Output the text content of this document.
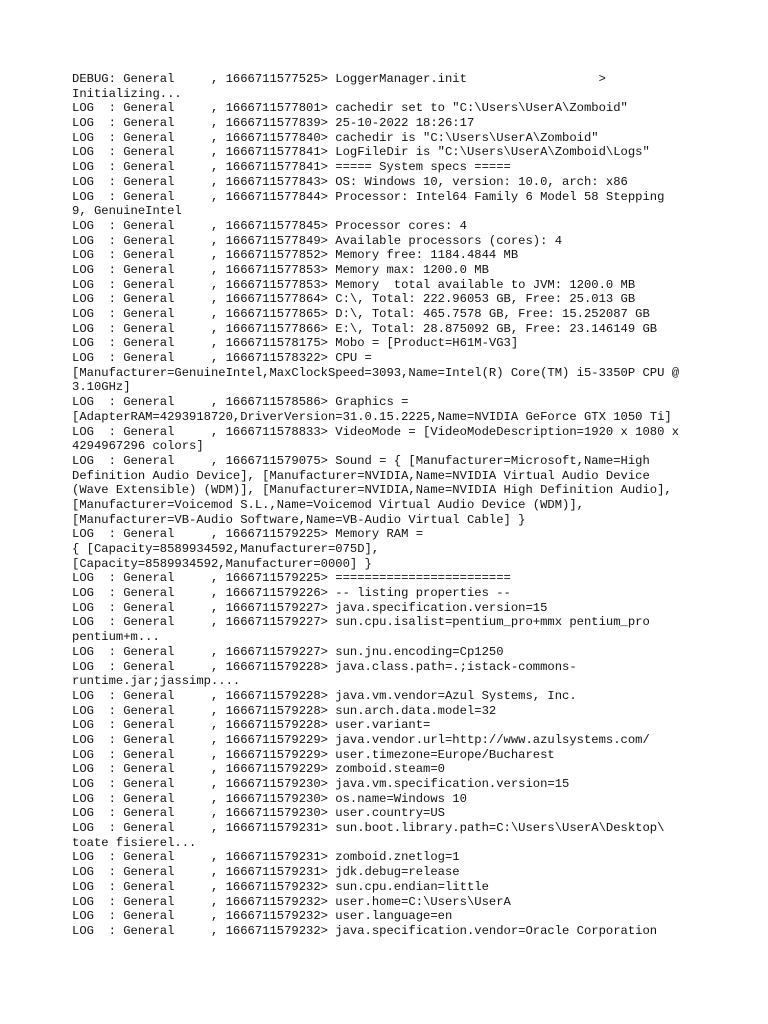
DEBUG: General     , 1666711577525> LoggerManager.init                  >
Initializing...
LOG  : General     , 1666711577801> cachedir set to "C:\Users\UserA\Zomboid"
LOG  : General     , 1666711577839> 25-10-2022 18:26:17
LOG  : General     , 1666711577840> cachedir is "C:\Users\UserA\Zomboid"
LOG  : General     , 1666711577841> LogFileDir is "C:\Users\UserA\Zomboid\Logs"
LOG  : General     , 1666711577841> ===== System specs =====
LOG  : General     , 1666711577843> OS: Windows 10, version: 10.0, arch: x86
LOG  : General     , 1666711577844> Processor: Intel64 Family 6 Model 58 Stepping
9, GenuineIntel
LOG  : General     , 1666711577845> Processor cores: 4
LOG  : General     , 1666711577849> Available processors (cores): 4
LOG  : General     , 1666711577852> Memory free: 1184.4844 MB
LOG  : General     , 1666711577853> Memory max: 1200.0 MB
LOG  : General     , 1666711577853> Memory  total available to JVM: 1200.0 MB
LOG  : General     , 1666711577864> C:\, Total: 222.96053 GB, Free: 25.013 GB
LOG  : General     , 1666711577865> D:\, Total: 465.7578 GB, Free: 15.252087 GB
LOG  : General     , 1666711577866> E:\, Total: 28.875092 GB, Free: 23.146149 GB
LOG  : General     , 1666711578175> Mobo = [Product=H61M-VG3]
LOG  : General     , 1666711578322> CPU =
[Manufacturer=GenuineIntel,MaxClockSpeed=3093,Name=Intel(R) Core(TM) i5-3350P CPU @
3.10GHz]
LOG  : General     , 1666711578586> Graphics =
[AdapterRAM=4293918720,DriverVersion=31.0.15.2225,Name=NVIDIA GeForce GTX 1050 Ti]
LOG  : General     , 1666711578833> VideoMode = [VideoModeDescription=1920 x 1080 x
4294967296 colors]
LOG  : General     , 1666711579075> Sound = { [Manufacturer=Microsoft,Name=High
Definition Audio Device], [Manufacturer=NVIDIA,Name=NVIDIA Virtual Audio Device
(Wave Extensible) (WDM)], [Manufacturer=NVIDIA,Name=NVIDIA High Definition Audio],
[Manufacturer=Voicemod S.L.,Name=Voicemod Virtual Audio Device (WDM)],
[Manufacturer=VB-Audio Software,Name=VB-Audio Virtual Cable] }
LOG  : General     , 1666711579225> Memory RAM =
{ [Capacity=8589934592,Manufacturer=075D],
[Capacity=8589934592,Manufacturer=0000] }
LOG  : General     , 1666711579225> ========================
LOG  : General     , 1666711579226> -- listing properties --
LOG  : General     , 1666711579227> java.specification.version=15
LOG  : General     , 1666711579227> sun.cpu.isalist=pentium_pro+mmx pentium_pro
pentium+m...
LOG  : General     , 1666711579227> sun.jnu.encoding=Cp1250
LOG  : General     , 1666711579228> java.class.path=.;istack-commons-
runtime.jar;jassimp....
LOG  : General     , 1666711579228> java.vm.vendor=Azul Systems, Inc.
LOG  : General     , 1666711579228> sun.arch.data.model=32
LOG  : General     , 1666711579228> user.variant=
LOG  : General     , 1666711579229> java.vendor.url=http://www.azulsystems.com/
LOG  : General     , 1666711579229> user.timezone=Europe/Bucharest
LOG  : General     , 1666711579229> zomboid.steam=0
LOG  : General     , 1666711579230> java.vm.specification.version=15
LOG  : General     , 1666711579230> os.name=Windows 10
LOG  : General     , 1666711579230> user.country=US
LOG  : General     , 1666711579231> sun.boot.library.path=C:\Users\UserA\Desktop\
toate fisierel...
LOG  : General     , 1666711579231> zomboid.znetlog=1
LOG  : General     , 1666711579231> jdk.debug=release
LOG  : General     , 1666711579232> sun.cpu.endian=little
LOG  : General     , 1666711579232> user.home=C:\Users\UserA
LOG  : General     , 1666711579232> user.language=en
LOG  : General     , 1666711579232> java.specification.vendor=Oracle Corporation
